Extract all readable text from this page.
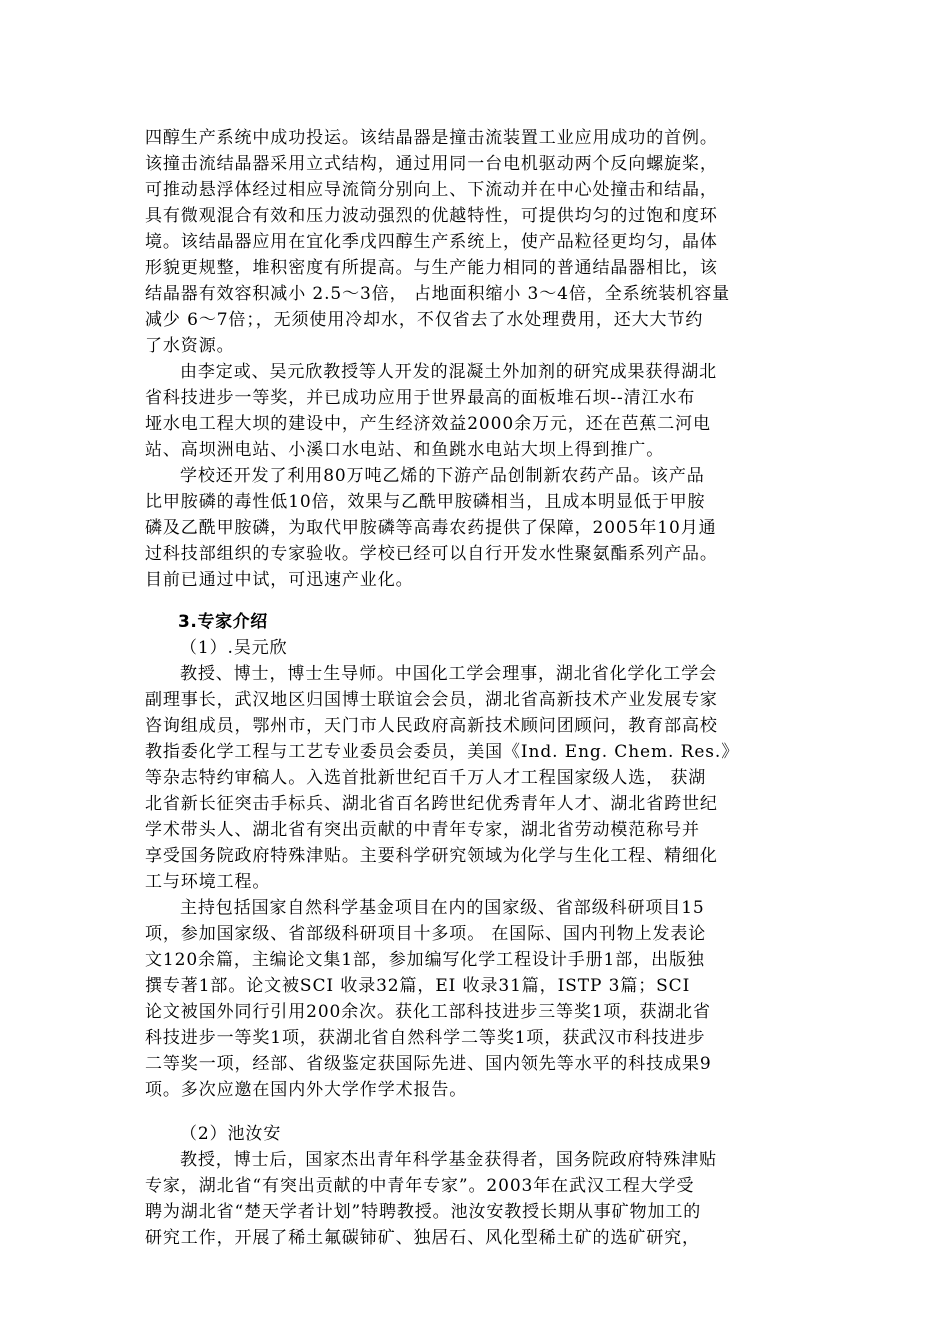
四醇生产系统中成功投运。该结晶器是撞击流装置工业应用成功的首例。
该撞击流结晶器采用立式结构，通过用同一台电机驱动两个反向螺旋桨，
可推动悬浮体经过相应导流筒分别向上、下流动并在中心处撞击和结晶，
具有微观混合有效和压力波动强烈的优越特性，可提供均匀的过饱和度环
境。该结晶器应用在宜化季戊四醇生产系统上，使产品粒径更均匀，晶体
形貌更规整，堆积密度有所提高。与生产能力相同的普通结晶器相比，该
结晶器有效容积减小 2.5～3倍， 占地面积缩小 3～4倍，全系统装机容量
减少 6～7倍；，无须使用冷却水，不仅省去了水处理费用，还大大节约
了水资源。
由李定或、吴元欣教授等人开发的混凝土外加剂的研究成果获得湖北
省科技进步一等奖，并已成功应用于世界最高的面板堆石坝--清江水布
垭水电工程大坝的建设中，产生经济效益2000余万元，还在芭蕉二河电
站、高坝洲电站、小溪口水电站、和鱼跳水电站大坝上得到推广。
学校还开发了利用80万吨乙烯的下游产品创制新农药产品。该产品
比甲胺磷的毒性低10倍，效果与乙酰甲胺磷相当，且成本明显低于甲胺
磷及乙酰甲胺磷，为取代甲胺磷等高毒农药提供了保障，2005年10月通
过科技部组织的专家验收。学校已经可以自行开发水性聚氨酯系列产品。
目前已通过中试，可迅速产业化。
3.专家介绍
（1）.吴元欣
教授、博士，博士生导师。中国化工学会理事，湖北省化学化工学会
副理事长，武汉地区归国博士联谊会会员，湖北省高新技术产业发展专家
咨询组成员，鄂州市，天门市人民政府高新技术顾问团顾问，教育部高校
教指委化学工程与工艺专业委员会委员，美国《Ind. Eng. Chem. Res.》
等杂志特约审稿人。入选首批新世纪百千万人才工程国家级人选， 获湖
北省新长征突击手标兵、湖北省百名跨世纪优秀青年人才、湖北省跨世纪
学术带头人、湖北省有突出贡献的中青年专家，湖北省劳动模范称号并
享受国务院政府特殊津贴。主要科学研究领域为化学与生化工程、精细化
工与环境工程。
主持包括国家自然科学基金项目在内的国家级、省部级科研项目15
项，参加国家级、省部级科研项目十多项。 在国际、国内刊物上发表论
文120余篇，主编论文集1部，参加编写化学工程设计手册1部，出版独
撰专著1部。论文被SCI 收录32篇，EI 收录31篇，ISTP 3篇；SCI
论文被国外同行引用200余次。获化工部科技进步三等奖1项，获湖北省
科技进步一等奖1项，获湖北省自然科学二等奖1项，获武汉市科技进步
二等奖一项，经部、省级鉴定获国际先进、国内领先等水平的科技成果9
项。多次应邀在国内外大学作学术报告。
（2）池汝安
教授，博士后，国家杰出青年科学基金获得者，国务院政府特殊津贴
专家，湖北省“有突出贡献的中青年专家”。2003年在武汉工程大学受
聘为湖北省“楚天学者计划”特聘教授。池汝安教授长期从事矿物加工的
研究工作，开展了稀土氟碳铈矿、独居石、风化型稀土矿的选矿研究，
